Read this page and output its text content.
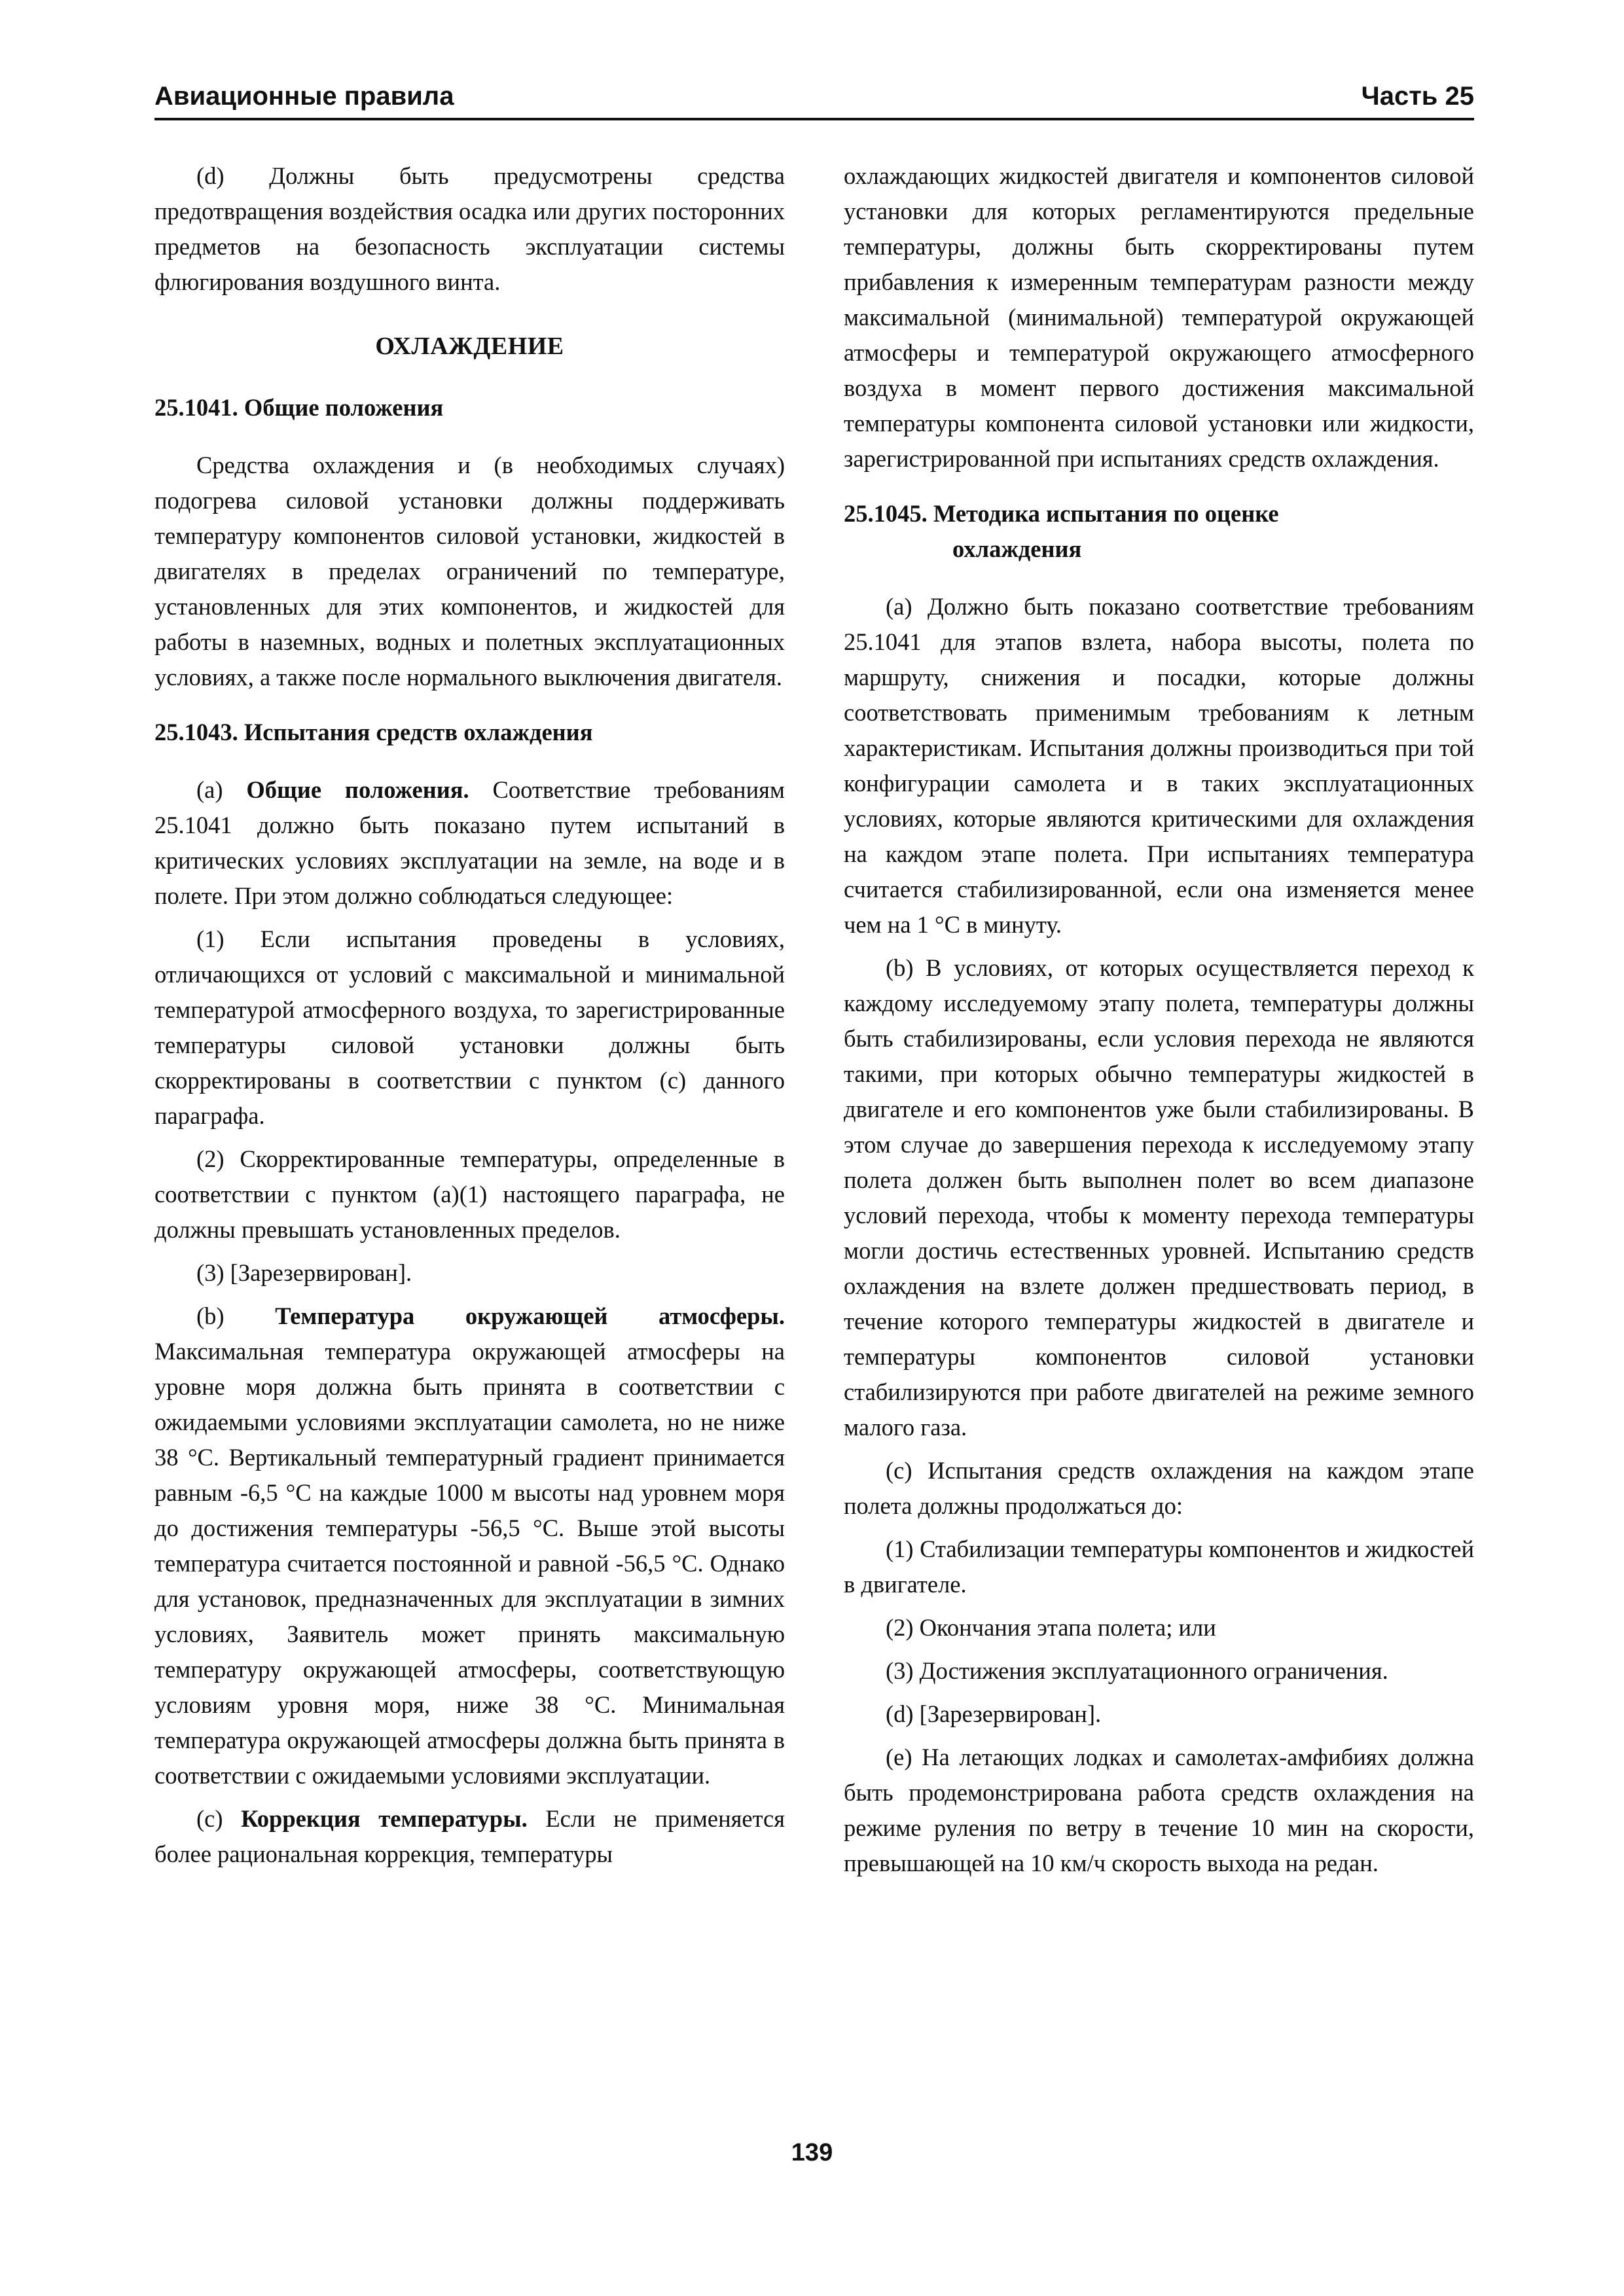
Авиационные правила	Часть 25

(d) Должны быть предусмотрены средства предотвращения воздействия осадка или других посторонних предметов на безопасность эксплуатации системы флюгирования воздушного винта.

ОХЛАЖДЕНИЕ
25.1041. Общие положения

Средства охлаждения и (в необходимых случаях) подогрева силовой установки должны поддерживать температуру компонентов силовой установки, жидкостей в двигателях в пределах ограничений по температуре, установленных для этих компонентов, и жидкостей для работы в наземных, водных и полетных эксплуатационных условиях, а также после нормального выключения двигателя.

25.1043. Испытания средств охлаждения

(a) Общие положения. Соответствие требованиям 25.1041 должно быть показано путем испытаний в критических условиях эксплуатации на земле, на воде и в полете. При этом должно соблюдаться следующее:

(1) Если испытания проведены в условиях, отличающихся от условий с максимальной и минимальной температурой атмосферного воздуха, то зарегистрированные температуры силовой установки должны быть скорректированы в соответствии с пунктом (c) данного параграфа.

(2) Скорректированные температуры, определенные в соответствии с пунктом (a)(1) настоящего параграфа, не должны превышать установленных пределов.

(3) [Зарезервирован].

(b) Температура окружающей атмосферы. Максимальная температура окружающей атмосферы на уровне моря должна быть принята в соответствии с ожидаемыми условиями эксплуатации самолета, но не ниже 38 °С. Вертикальный температурный градиент принимается равным -6,5 °С на каждые 1000 м высоты над уровнем моря до достижения температуры -56,5 °С. Выше этой высоты температура считается постоянной и равной -56,5 °С. Однако для установок, предназначенных для эксплуатации в зимних условиях, Заявитель может принять максимальную температуру окружающей атмосферы, соответствующую условиям уровня моря, ниже 38 °С. Минимальная температура окружающей атмосферы должна быть принята в соответствии с ожидаемыми условиями эксплуатации.

(c) Коррекция температуры. Если не применяется более рациональная коррекция, температуры

охлаждающих жидкостей двигателя и компонентов силовой установки для которых регламентируются предельные температуры, должны быть скорректированы путем прибавления к измеренным температурам разности между максимальной (минимальной) температурой окружающей атмосферы и температурой окружающего атмосферного воздуха в момент первого достижения максимальной температуры компонента силовой установки или жидкости, зарегистрированной при испытаниях средств охлаждения.

25.1045. Методика испытания по оценке
охлаждения

(a) Должно быть показано соответствие требованиям 25.1041 для этапов взлета, набора высоты, полета по маршруту, снижения и посадки, которые должны соответствовать применимым требованиям к летным характеристикам. Испытания должны производиться при той конфигурации самолета и в таких эксплуатационных условиях, которые являются критическими для охлаждения на каждом этапе полета. При испытаниях температура считается стабилизированной, если она изменяется менее чем на 1 °С в минуту.

(b) В условиях, от которых осуществляется переход к каждому исследуемому этапу полета, температуры должны быть стабилизированы, если условия перехода не являются такими, при которых обычно температуры жидкостей в двигателе и его компонентов уже были стабилизированы. В этом случае до завершения перехода к исследуемому этапу полета должен быть выполнен полет во всем диапазоне условий перехода, чтобы к моменту перехода температуры могли достичь естественных уровней. Испытанию средств охлаждения на взлете должен предшествовать период, в течение которого температуры жидкостей в двигателе и температуры компонентов силовой установки стабилизируются при работе двигателей на режиме земного малого газа.

(c) Испытания средств охлаждения на каждом этапе полета должны продолжаться до:

(1) Стабилизации температуры компонентов и жидкостей в двигателе.

(2) Окончания этапа полета; или

(3) Достижения эксплуатационного ограничения.

(d) [Зарезервирован].

(e) На летающих лодках и самолетах-амфибиях должна быть продемонстрирована работа средств охлаждения на режиме руления по ветру в течение 10 мин на скорости, превышающей на 10 км/ч скорость выхода на редан.

139
